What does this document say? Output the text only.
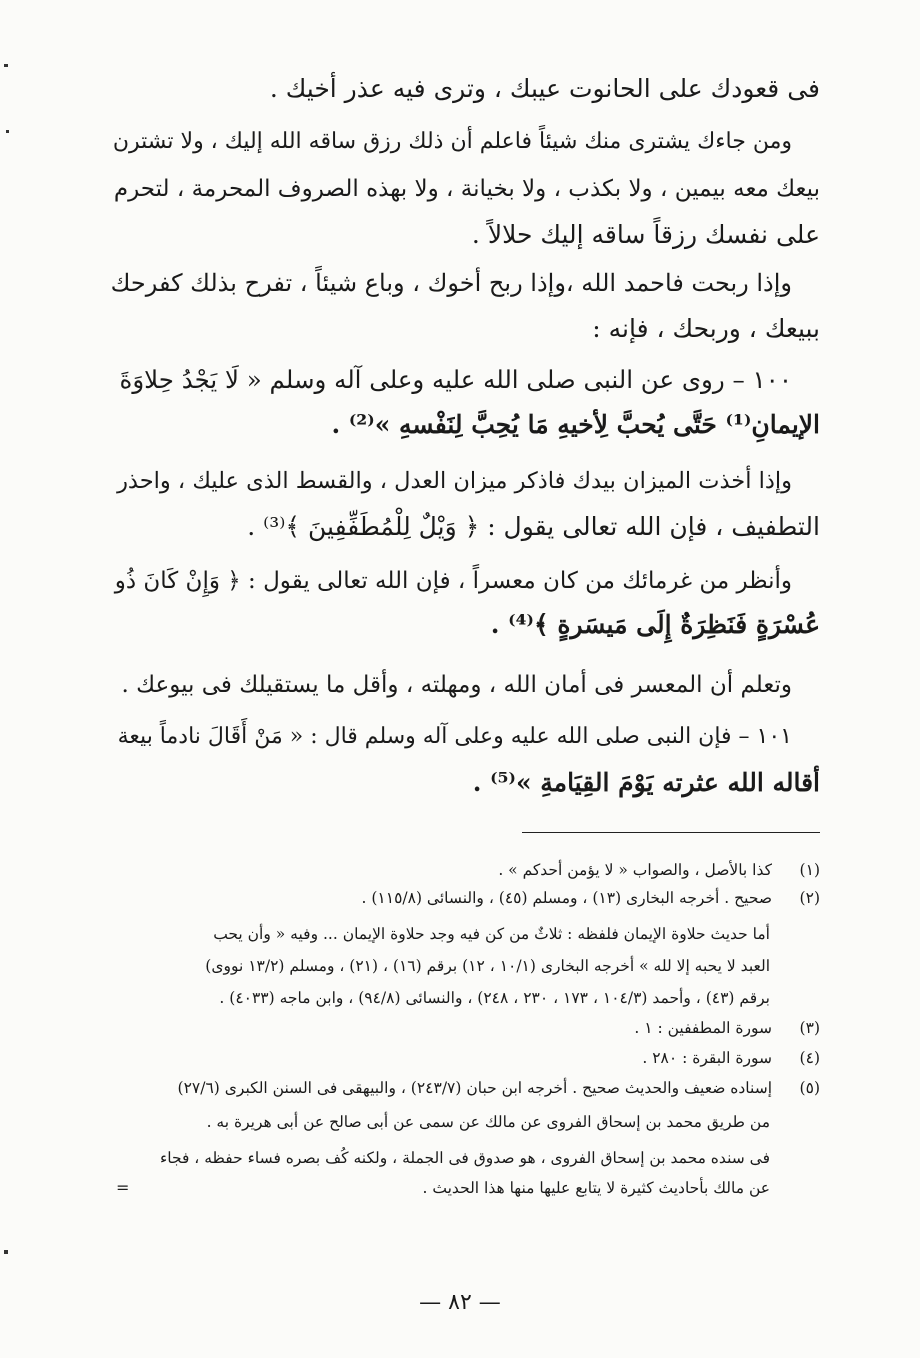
فى قعودك على الحانوت عيبك ، وترى فيه عذر أخيك .
ومن جاءك يشترى منك شيئاً فاعلم أن ذلك رزق ساقه الله إليك ، ولا تشترن
بيعك معه بيمين ، ولا بكذب ، ولا بخيانة ، ولا بهذه الصروف المحرمة ، لتحرم
على نفسك رزقاً ساقه إليك حلالاً .
وإذا ربحت فاحمد الله ،وإذا ربح أخوك ، وباع شيئاً ، تفرح بذلك كفرحك
ببيعك ، وربحك ، فإنه :
١٠٠ – روى عن النبى صلى الله عليه وعلى آله وسلم « لَا يَجْدُ حِلاوَةَ
الإيمانِ⁽¹⁾ حَتَّى يُحبَّ لِأخيهِ مَا يُحِبَّ لِنَفْسهِ »⁽²⁾ .
وإذا أخذت الميزان بيدك فاذكر ميزان العدل ، والقسط الذى عليك ، واحذر
التطفيف ، فإن الله تعالى يقول : ﴿ وَيْلٌ لِلْمُطَفِّفِينَ ﴾⁽³⁾ .
وأنظر من غرمائك من كان معسراً ، فإن الله تعالى يقول : ﴿ وَإِنْ كَانَ ذُو
عُسْرَةٍ فَنَظِرَةٌ إِلَى مَيسَرةٍ ﴾⁽⁴⁾ .
وتعلم أن المعسر فى أمان الله ، ومهلته ، وأقل ما يستقيلك فى بيوعك .
١٠١ – فإن النبى صلى الله عليه وعلى آله وسلم قال : « مَنْ أَقَالَ نادماً بيعة
أقاله الله عثرته يَوْمَ القِيَامةِ »⁽⁵⁾ .
(١)
كذا بالأصل ، والصواب « لا يؤمن أحدكم » .
(٢)
صحيح . أخرجه البخارى (١٣) ، ومسلم (٤٥) ، والنسائى (١١٥/٨) .
أما حديث حلاوة الإيمان فلفظه : ثلاثٌ من كن فيه وجد حلاوة الإيمان ... وفيه « وأن يحب
العبد لا يحبه إلا لله » أخرجه البخارى (١٠/١ ، ١٢) برقم (١٦) ، (٢١) ، ومسلم (١٣/٢ نووى)
برقم (٤٣) ، وأحمد (١٠٤/٣ ، ١٧٣ ، ٢٣٠ ، ٢٤٨) ، والنسائى (٩٤/٨) ، وابن ماجه (٤٠٣٣) .
(٣)
سورة المطففين : ١ .
(٤)
سورة البقرة : ٢٨٠ .
(٥)
إسناده ضعيف والحديث صحيح . أخرجه ابن حبان (٢٤٣/٧) ، والبيهقى فى السنن الكبرى (٢٧/٦)
من طريق محمد بن إسحاق الفروى عن مالك عن سمى عن أبى صالح عن أبى هريرة به .
فى سنده محمد بن إسحاق الفروى ، هو صدوق فى الجملة ، ولكنه كُف بصره فساء حفظه ، فجاء
عن مالك بأحاديث كثيرة لا يتابع عليها منها هذا الحديث .
=
— ٨٢ —
